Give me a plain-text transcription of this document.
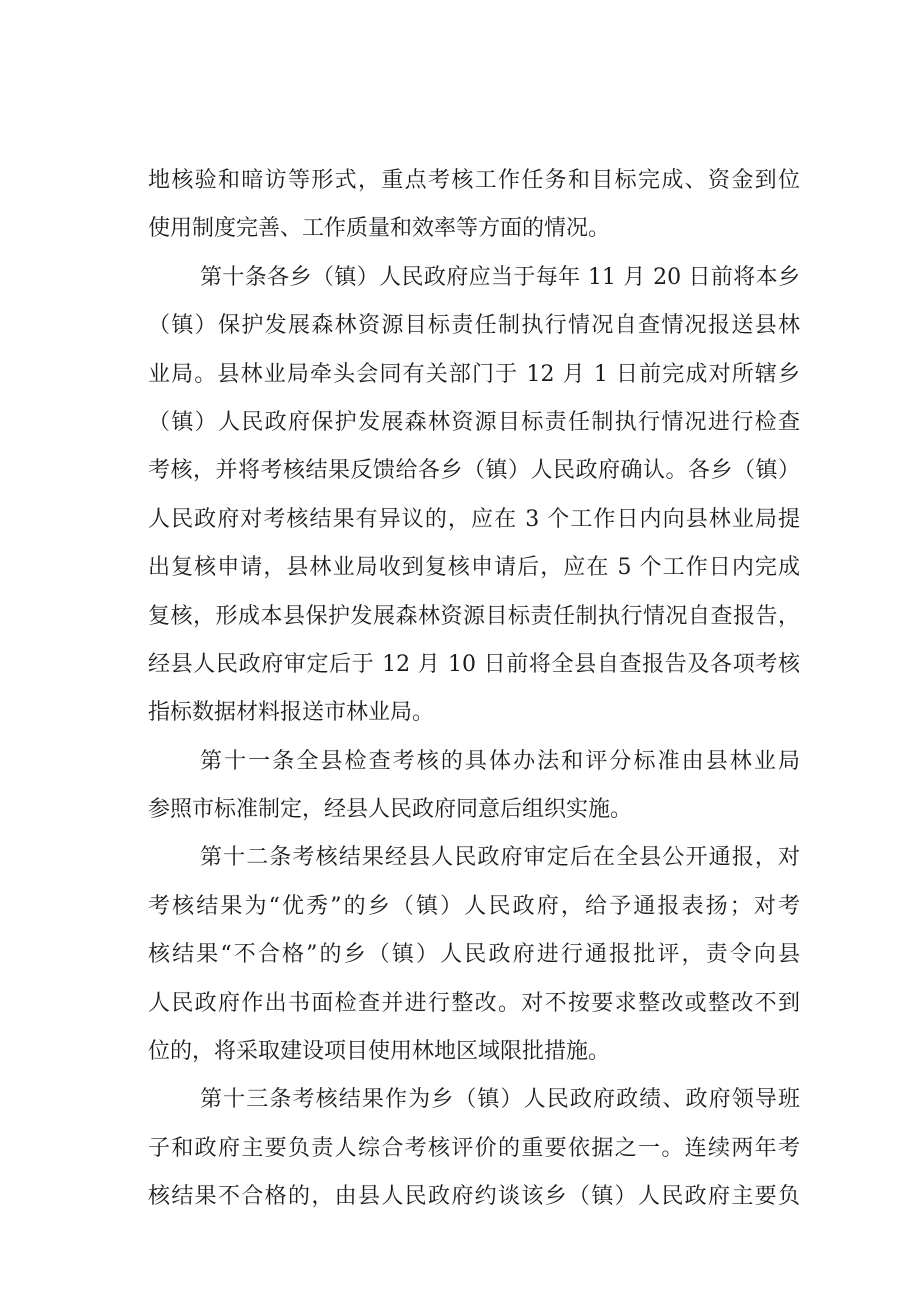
地核验和暗访等形式，重点考核工作任务和目标完成、资金到位
使用制度完善、工作质量和效率等方面的情况。
第十条各乡（镇）人民政府应当于每年 11 月 20 日前将本乡
（镇）保护发展森林资源目标责任制执行情况自查情况报送县林
业局。县林业局牵头会同有关部门于 12 月 1 日前完成对所辖乡
（镇）人民政府保护发展森林资源目标责任制执行情况进行检查
考核，并将考核结果反馈给各乡（镇）人民政府确认。各乡（镇）
人民政府对考核结果有异议的，应在 3 个工作日内向县林业局提
出复核申请，县林业局收到复核申请后，应在 5 个工作日内完成
复核，形成本县保护发展森林资源目标责任制执行情况自查报告，
经县人民政府审定后于 12 月 10 日前将全县自查报告及各项考核
指标数据材料报送市林业局。
第十一条全县检查考核的具体办法和评分标准由县林业局
参照市标准制定，经县人民政府同意后组织实施。
第十二条考核结果经县人民政府审定后在全县公开通报，对
考核结果为“优秀”的乡（镇）人民政府，给予通报表扬；对考
核结果“不合格”的乡（镇）人民政府进行通报批评，责令向县
人民政府作出书面检查并进行整改。对不按要求整改或整改不到
位的，将采取建设项目使用林地区域限批措施。
第十三条考核结果作为乡（镇）人民政府政绩、政府领导班
子和政府主要负责人综合考核评价的重要依据之一。连续两年考
核结果不合格的，由县人民政府约谈该乡（镇）人民政府主要负
